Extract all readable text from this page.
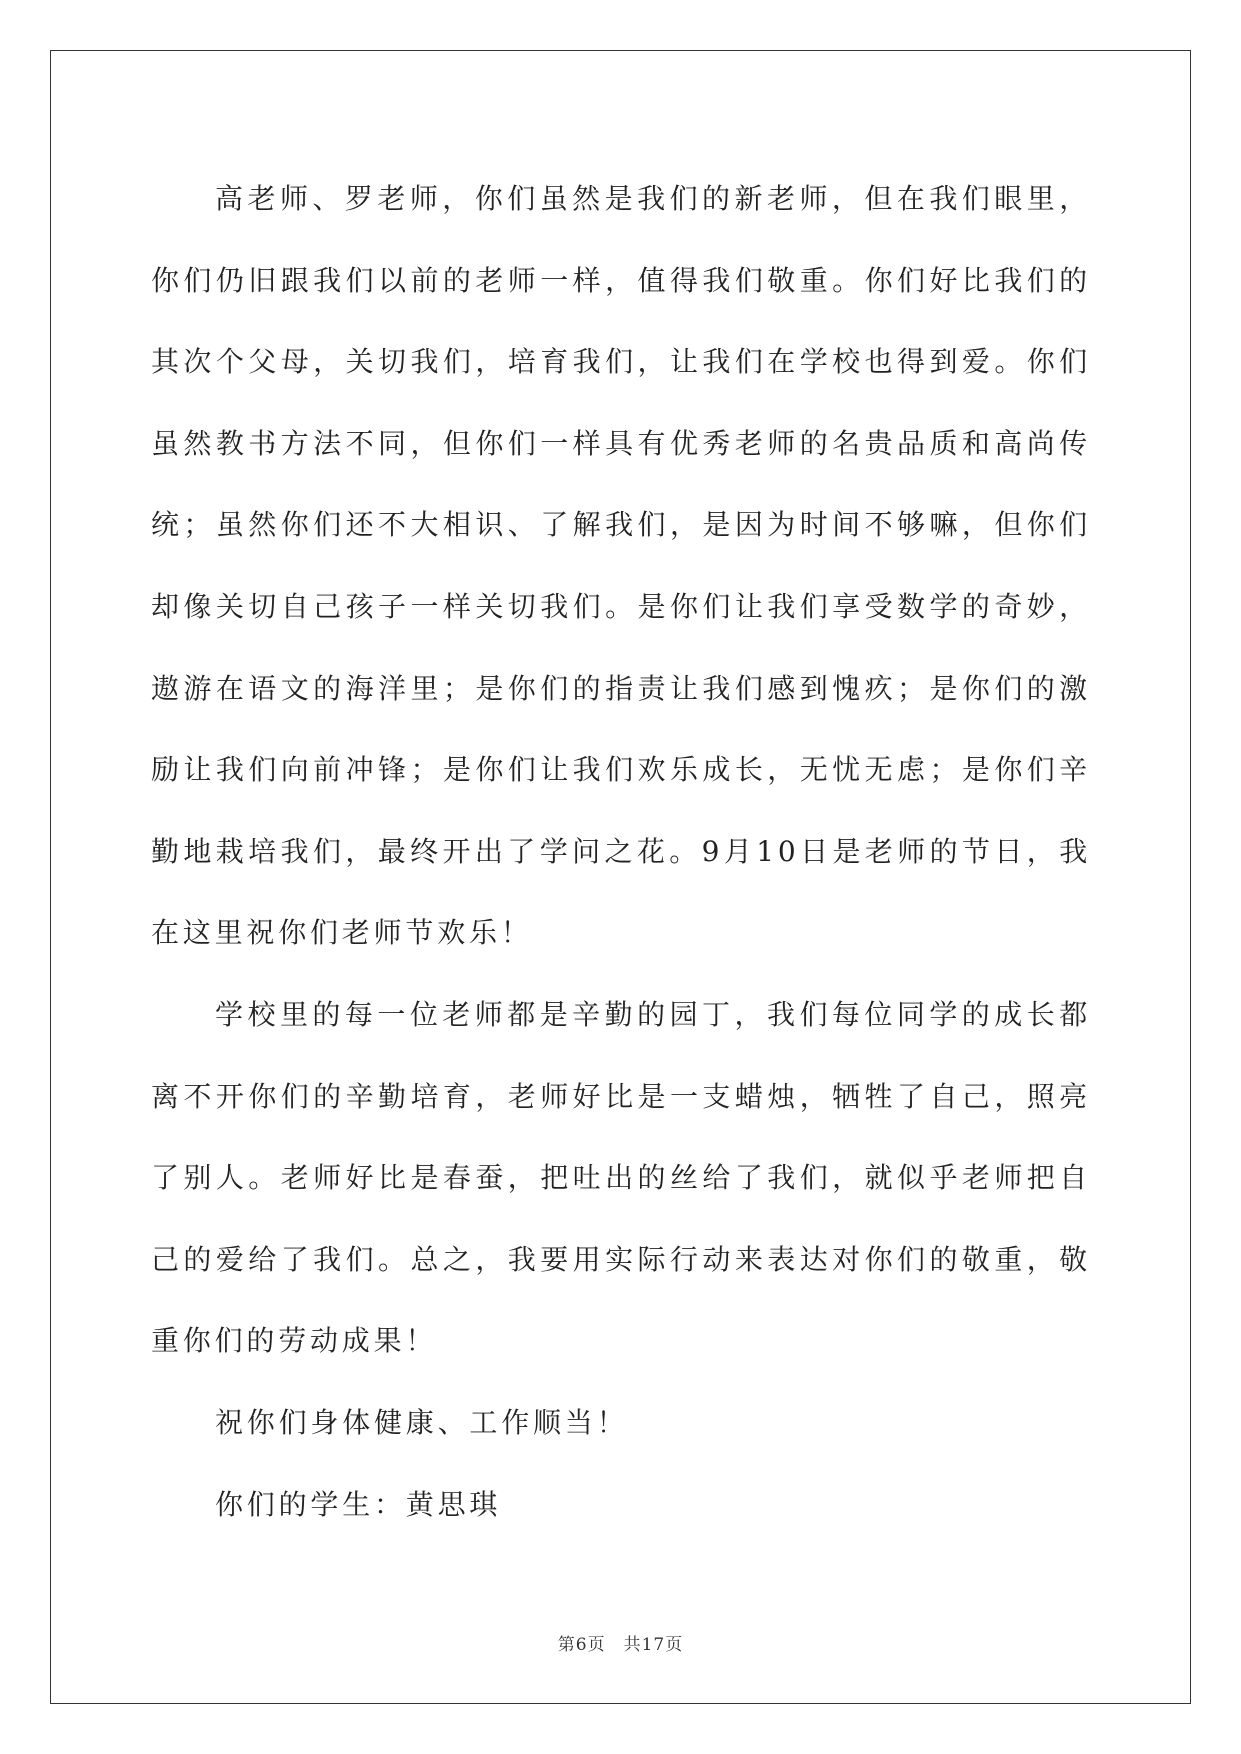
高老师、罗老师，你们虽然是我们的新老师，但在我们眼里，你们仍旧跟我们以前的老师一样，值得我们敬重。你们好比我们的其次个父母，关切我们，培育我们，让我们在学校也得到爱。你们虽然教书方法不同，但你们一样具有优秀老师的名贵品质和高尚传统；虽然你们还不大相识、了解我们，是因为时间不够嘛，但你们却像关切自己孩子一样关切我们。是你们让我们享受数学的奇妙，遨游在语文的海洋里；是你们的指责让我们感到愧疚；是你们的激励让我们向前冲锋；是你们让我们欢乐成长，无忧无虑；是你们辛勤地栽培我们，最终开出了学问之花。9月10日是老师的节日，我在这里祝你们老师节欢乐！

学校里的每一位老师都是辛勤的园丁，我们每位同学的成长都离不开你们的辛勤培育，老师好比是一支蜡烛，牺牲了自己，照亮了别人。老师好比是春蚕，把吐出的丝给了我们，就似乎老师把自己的爱给了我们。总之，我要用实际行动来表达对你们的敬重，敬重你们的劳动成果！

祝你们身体健康、工作顺当！

你们的学生：黄思琪

第6页 共17页
